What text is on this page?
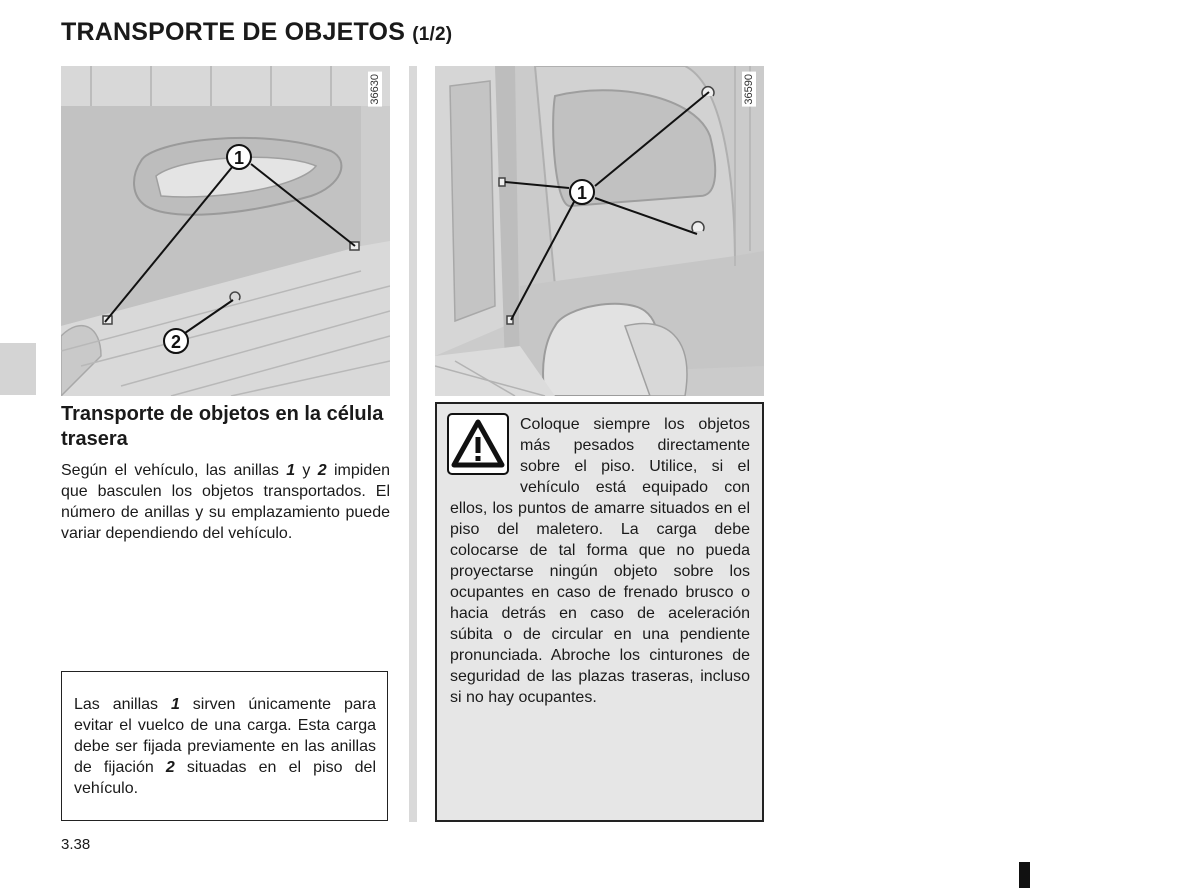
TRANSPORTE DE OBJETOS (1/2)
1
2
36630
1
36590
Transporte de objetos en la célula trasera

Según el vehículo, las anillas 1 y 2 impiden que basculen los objetos transportados. El número de anillas y su emplazamiento puede variar dependiendo del vehículo.

Las anillas 1 sirven únicamente para evitar el vuelco de una carga. Esta carga debe ser fijada previamente en las anillas de fijación 2 situadas en el piso del vehículo.

Coloque siempre los objetos más pesados directamente sobre el piso. Utilice, si el vehículo está equipado con ellos, los puntos de amarre situados en el piso del maletero. La carga debe colocarse de tal forma que no pueda proyectarse ningún objeto sobre los ocupantes en caso de frenado brusco o hacia detrás en caso de aceleración súbita o de circular en una pendiente pronunciada. Abroche los cinturones de seguridad de las plazas traseras, incluso si no hay ocupantes.

3.38
